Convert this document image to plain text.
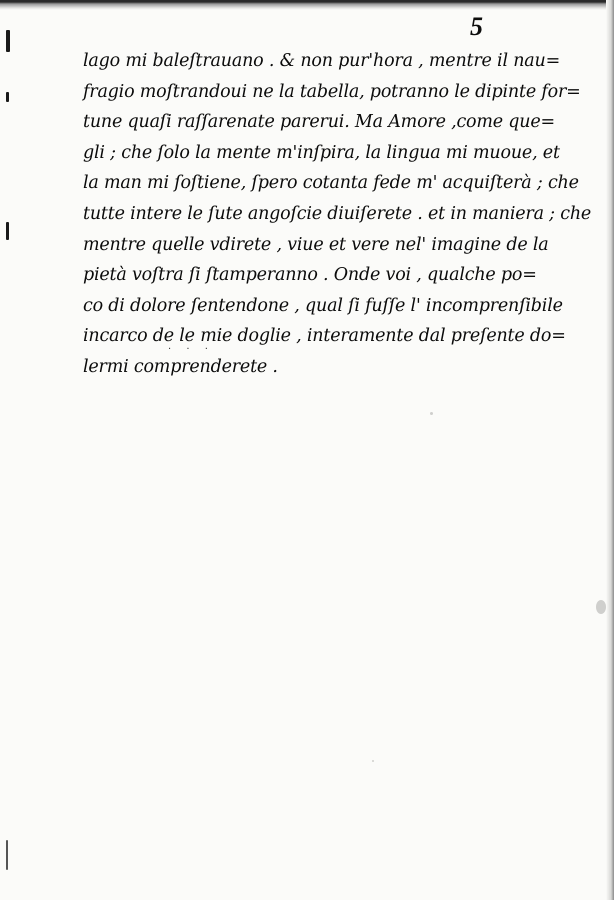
5
lago mi baleſtrauano . & non pur'hora , mentre il nau=
fragio moſtrandoui ne la tabella, potranno le dipinte for=
tune quaſi raſſarenate parerui. Ma Amore ,come que=
gli ; che ſolo la mente m'inſpira, la lingua mi muoue, et
la man mi ſoſtiene, ſpero cotanta fede m' acquiſterà ; che
tutte intere le ſute angoſcie diuiſerete . et in maniera ; che
mentre quelle vdirete , viue et vere nel' imagine de la
pietà voſtra ſi ſtamperanno . Onde voi , qualche po=
co di dolore ſentendone , qual ſi fuſſe l' incomprenſibile
incarco de le mie doglie , interamente dal preſente do=
lermi comprenderete .
· · ·
